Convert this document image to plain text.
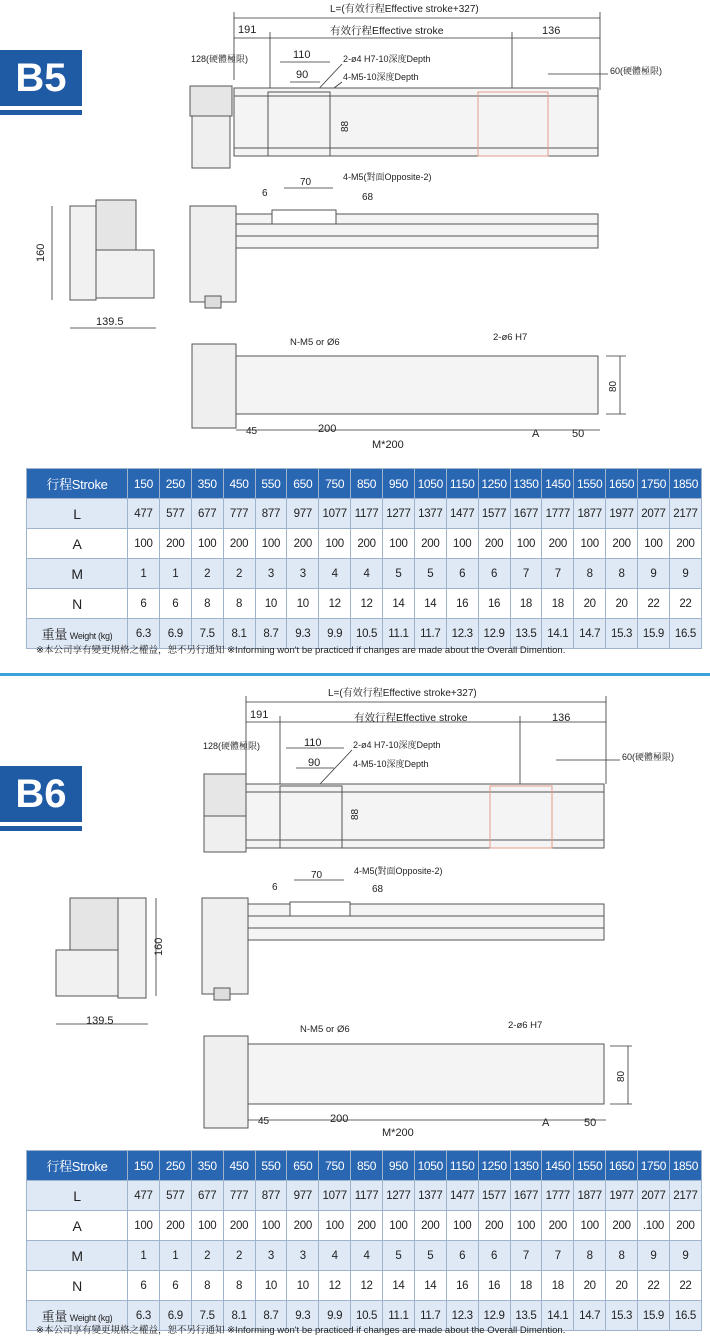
B5
L=(有效行程Effective stroke+327)
191	有效行程Effective stroke	136
128(硬體極限)	110
90
2-ø4 H7-10深度Depth
4-M5-10深度Depth
60(硬體極限)
88
6
70	4-M5(對面Opposite-2)
68
160
139.5
N-M5 or Ø6	2-ø6 H7
80
45	200
M*200
A	50
行程Stroke	150	250	350	450	550	650	750	850	950	1050	1150	1250	1350	1450	1550	1650	1750	1850
L	477	577	677	777	877	977	1077	1177	1277	1377	1477	1577	1677	1777	1877	1977	2077	2177
A	100	200	100	200	100	200	100	200	100	200	100	200	100	200	100	200	100	200
M	1	1	2	2	3	3	4	4	5	5	6	6	7	7	8	8	9	9
N	6	6	8	8	10	10	12	12	14	14	16	16	18	18	20	20	22	22
重量 Weight (kg)	6.3	6.9	7.5	8.1	8.7	9.3	9.9	10.5	11.1	11.7	12.3	12.9	13.5	14.1	14.7	15.3	15.9	16.5
※本公司享有變更規格之權益，恕不另行通知 ※Informing won't be practiced if changes are made about the Overall Dimention.
B6
L=(有效行程Effective stroke+327)
191	有效行程Effective stroke	136
128(硬體極限)	110
90
2-ø4 H7-10深度Depth
4-M5-10深度Depth
60(硬體極限)
88
6
70	4-M5(對面Opposite-2)
68
160
139.5
N-M5 or Ø6	2-ø6 H7
80
45	200
M*200
A	50
行程Stroke	150	250	350	450	550	650	750	850	950	1050	1150	1250	1350	1450	1550	1650	1750	1850
L	477	577	677	777	877	977	1077	1177	1277	1377	1477	1577	1677	1777	1877	1977	2077	2177
A	100	200	100	200	100	200	100	200	100	200	100	200	100	200	100	200	.100	200
M	1	1	2	2	3	3	4	4	5	5	6	6	7	7	8	8	9	9
N	6	6	8	8	10	10	12	12	14	14	16	16	18	18	20	20	22	22
重量 Weight (kg)	6.3	6.9	7.5	8.1	8.7	9.3	9.9	10.5	11.1	11.7	12.3	12.9	13.5	14.1	14.7	15.3	15.9	16.5
※本公司享有變更規格之權益，恕不另行通知 ※Informing won't be practiced if changes are made about the Overall Dimention.
